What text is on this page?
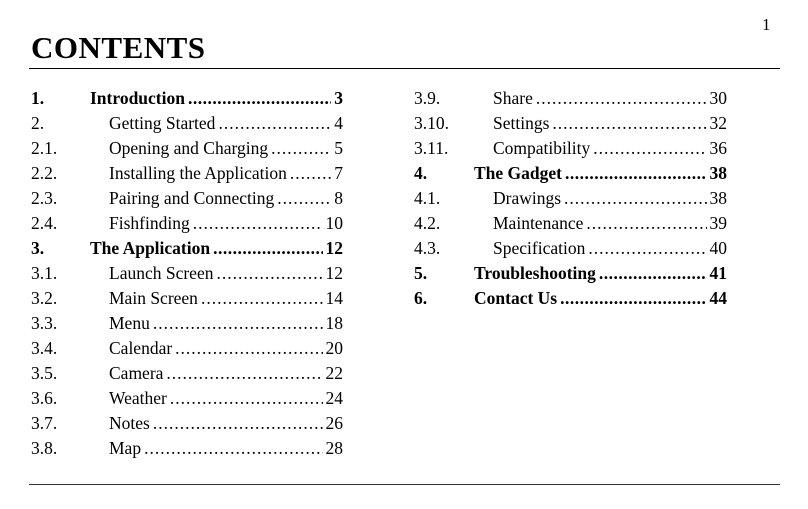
1
CONTENTS
1.	Introduction .....	3
2.	Getting Started .....	4
2.1.	Opening and Charging .....	5
2.2.	Installing the Application .....	7
2.3.	Pairing and Connecting .....	8
2.4.	Fishfinding .....	10
3.	The Application .....	12
3.1.	Launch Screen .....	12
3.2.	Main Screen .....	14
3.3.	Menu .....	18
3.4.	Calendar .....	20
3.5.	Camera .....	22
3.6.	Weather .....	24
3.7.	Notes .....	26
3.8.	Map .....	28
3.9.	Share .....	30
3.10.	Settings .....	32
3.11.	Compatibility .....	36
4.	The Gadget .....	38
4.1.	Drawings .....	38
4.2.	Maintenance .....	39
4.3.	Specification .....	40
5.	Troubleshooting .....	41
6.	Contact Us .....	44
